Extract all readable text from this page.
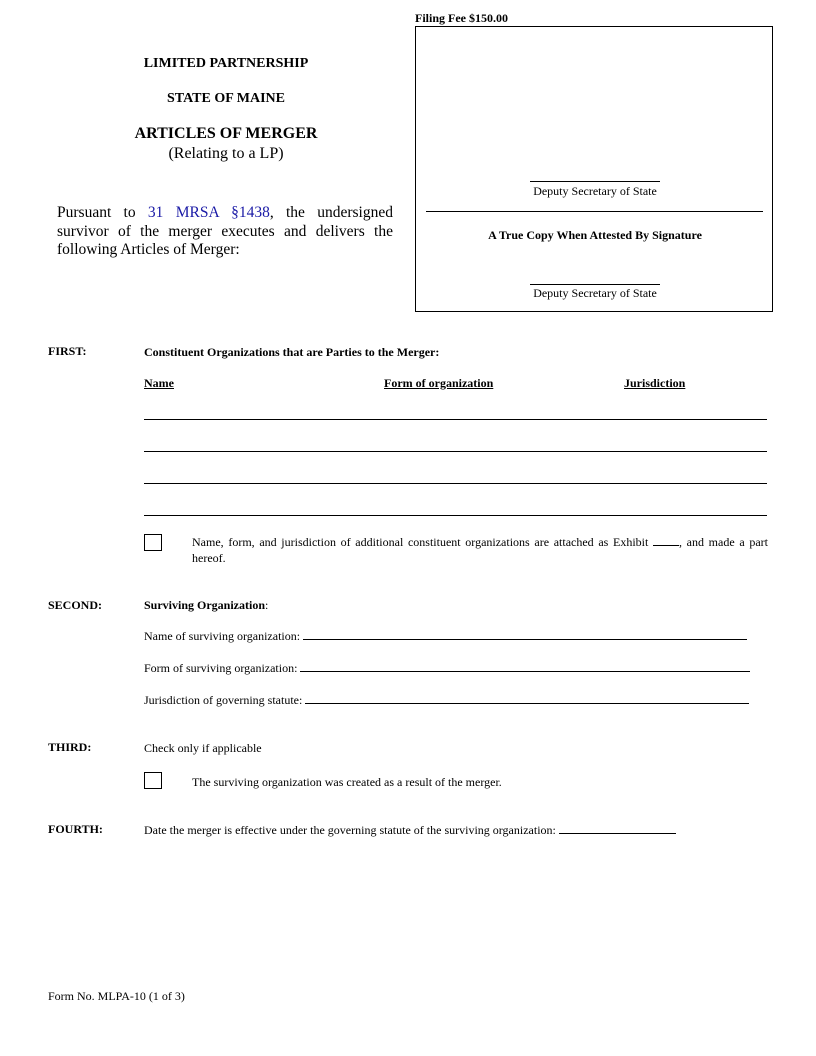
Filing Fee $150.00
Deputy Secretary of State
A True Copy When Attested By Signature
Deputy Secretary of State
LIMITED PARTNERSHIP
STATE OF MAINE
ARTICLES OF MERGER
(Relating to a LP)
Pursuant to 31 MRSA §1438, the undersigned survivor of the merger executes and delivers the following Articles of Merger:
FIRST:	Constituent Organizations that are Parties to the Merger:
Name	Form of organization	Jurisdiction
Name, form, and jurisdiction of additional constituent organizations are attached as Exhibit , and made a part hereof.
SECOND:	Surviving Organization:
Name of surviving organization:
Form of surviving organization:
Jurisdiction of governing statute:
THIRD:	Check only if applicable
The surviving organization was created as a result of the merger.
FOURTH:	Date the merger is effective under the governing statute of the surviving organization:
Form No. MLPA-10 (1 of 3)
